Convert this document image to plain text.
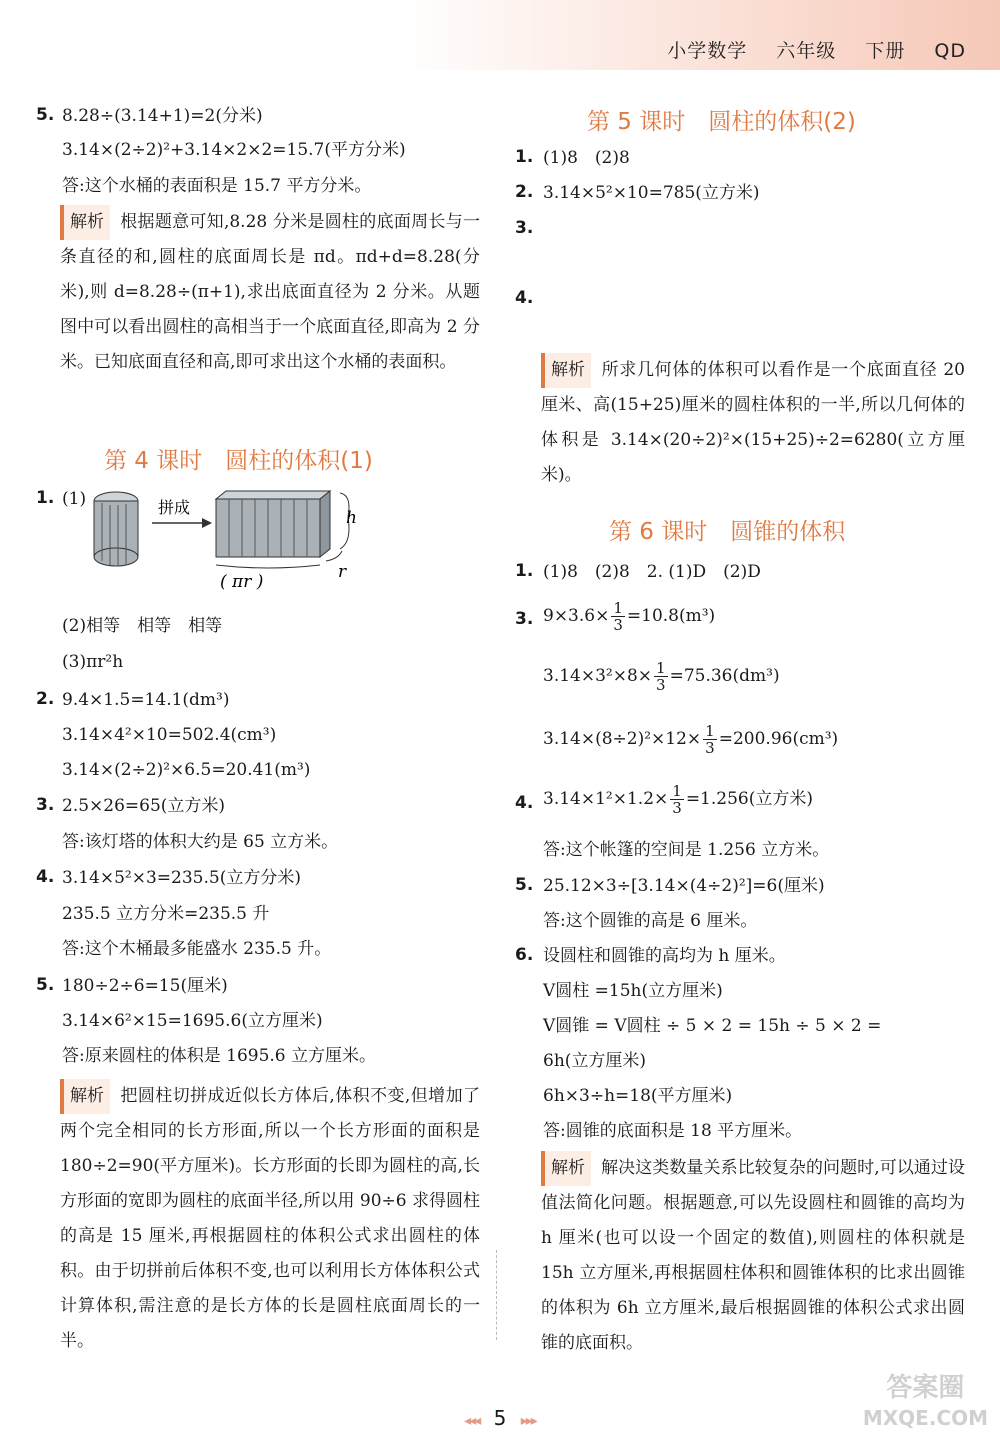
小学数学 六年级 下册 QD
5. 8.28÷(3.14+1)=2(分米)
3.14×(2÷2)²+3.14×2×2=15.7(平方分米)
答:这个水桶的表面积是 15.7 平方分米。
解析 根据题意可知,8.28 分米是圆柱的底面周长与一条直径的和,圆柱的底面周长是 πd。πd+d=8.28(分米),则 d=8.28÷(π+1),求出底面直径为 2 分米。从题图中可以看出圆柱的高相当于一个底面直径,即高为 2 分米。已知底面直径和高,即可求出这个水桶的表面积。
第 4 课时　圆柱的体积(1)
1. (1)	拼成
h
( πr )	r
(2)相等　相等　相等
(3)πr²h
2. 9.4×1.5=14.1(dm³)
3.14×4²×10=502.4(cm³)
3.14×(2÷2)²×6.5=20.41(m³)
3. 2.5×26=65(立方米)
答:该灯塔的体积大约是 65 立方米。
4. 3.14×5²×3=235.5(立方分米)
235.5 立方分米=235.5 升
答:这个木桶最多能盛水 235.5 升。
5. 180÷2÷6=15(厘米)
3.14×6²×15=1695.6(立方厘米)
答:原来圆柱的体积是 1695.6 立方厘米。
解析 把圆柱切拼成近似长方体后,体积不变,但增加了两个完全相同的长方形面,所以一个长方形面的面积是 180÷2=90(平方厘米)。长方形面的长即为圆柱的高,长方形面的宽即为圆柱的底面半径,所以用 90÷6 求得圆柱的高是 15 厘米,再根据圆柱的体积公式求出圆柱的体积。由于切拼前后体积不变,也可以利用长方体体积公式计算体积,需注意的是长方体的长是圆柱底面周长的一半。
第 5 课时　圆柱的体积(2)
1. (1)8　(2)8
2. 3.14×5²×10=785(立方米)
3.
4.
解析 所求几何体的体积可以看作是一个底面直径 20 厘米、高(15+25)厘米的圆柱体积的一半,所以几何体的体积是 3.14×(20÷2)²×(15+25)÷2=6280(立方厘米)。
第 6 课时　圆锥的体积
1. (1)8　(2)8　2. (1)D　(2)D
3. $9\times 3.6\times \frac{1}{3} =10.8(m^3)$
$3.14\times 3^2\times 8\times \frac{1}{3} =75.36(dm^3)$
$3.14\times(8\div 2)^2\times 12\times \frac{1}{3} =200.96(cm^3)$
4. $3.14\times 1^2\times 1.2\times \frac{1}{3} =1.256$(立方米)
答:这个帐篷的空间是 1.256 立方米。
5. 25.12×3÷[3.14×(4÷2)²]=6(厘米)
答:这个圆锥的高是 6 厘米。
6. 设圆柱和圆锥的高均为 h 厘米。
V圆柱 =15h(立方厘米)
V圆锥 = V圆柱 ÷ 5 × 2 = 15h ÷ 5 × 2 =
6h(立方厘米)
6h×3÷h=18(平方厘米)
答:圆锥的底面积是 18 平方厘米。
解析 解决这类数量关系比较复杂的问题时,可以通过设值法简化问题。根据题意,可以先设圆柱和圆锥的高均为 h 厘米(也可以设一个固定的数值),则圆柱的体积就是 15h 立方厘米,再根据圆柱体积和圆锥体积的比求出圆锥的体积为 6h 立方厘米,最后根据圆锥的体积公式求出圆锥的底面积。
◂◂◂ 5 ▸▸▸
答案圈
MXQE.COM
